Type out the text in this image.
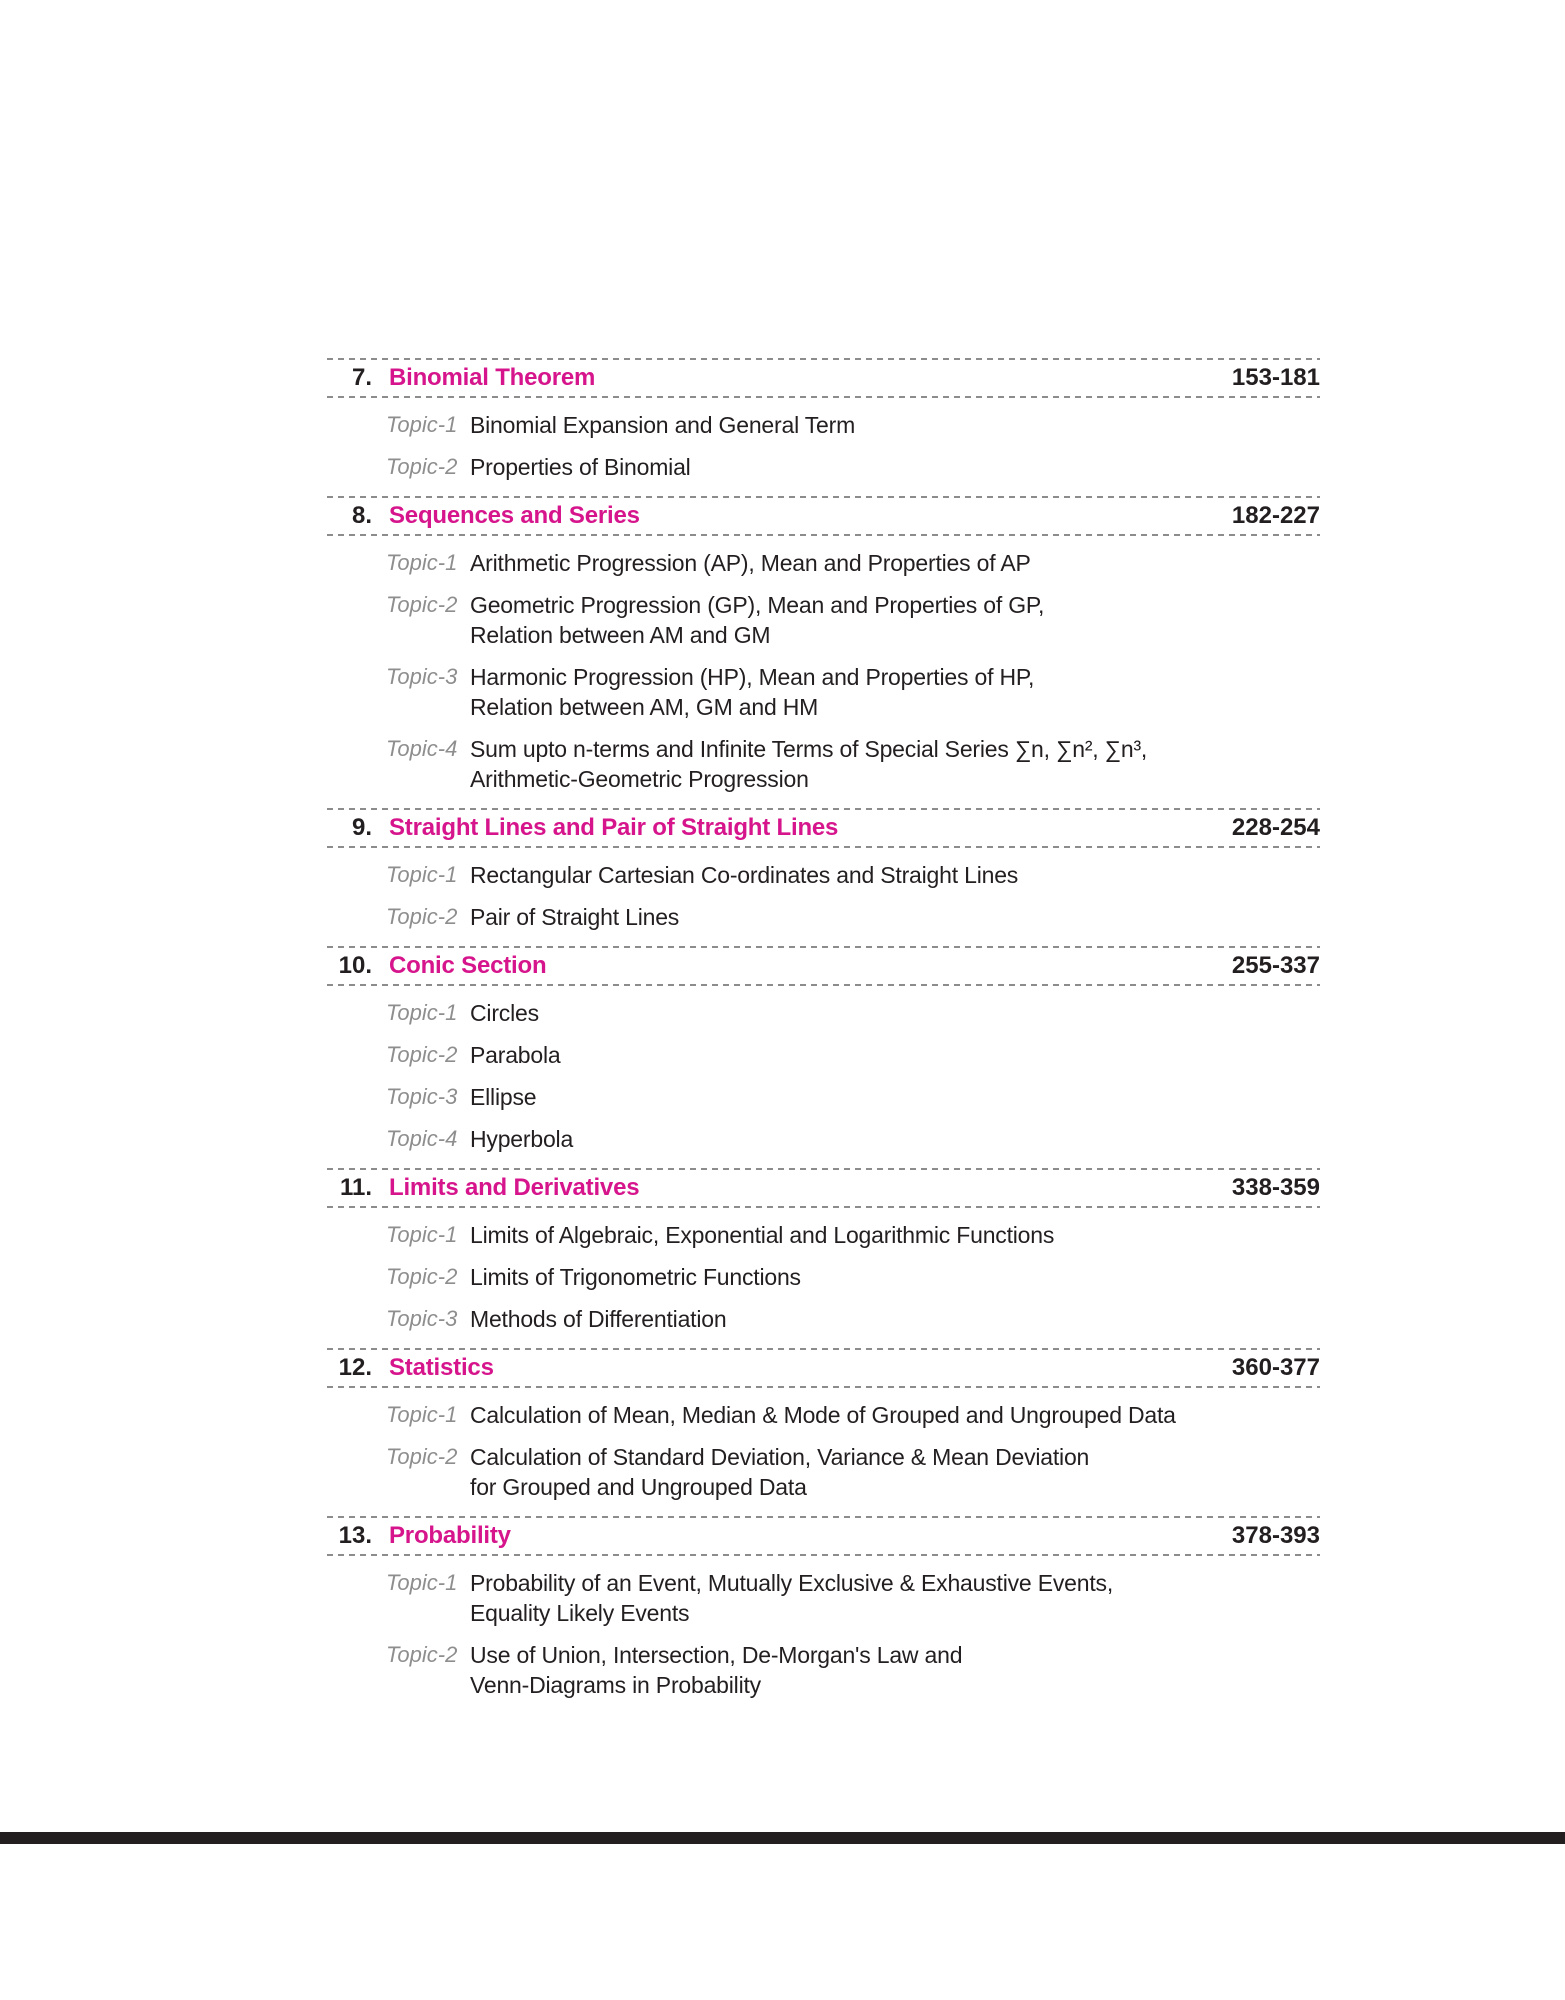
7. Binomial Theorem	153-181
Topic-1 Binomial Expansion and General Term
Topic-2 Properties of Binomial
8. Sequences and Series	182-227
Topic-1 Arithmetic Progression (AP), Mean and Properties of AP
Topic-2 Geometric Progression (GP), Mean and Properties of GP,
Relation between AM and GM
Topic-3 Harmonic Progression (HP), Mean and Properties of HP,
Relation between AM, GM and HM
Topic-4 Sum upto n-terms and Infinite Terms of Special Series ∑n, ∑n², ∑n³,
Arithmetic-Geometric Progression
9. Straight Lines and Pair of Straight Lines	228-254
Topic-1 Rectangular Cartesian Co-ordinates and Straight Lines
Topic-2 Pair of Straight Lines
10. Conic Section	255-337
Topic-1 Circles
Topic-2 Parabola
Topic-3 Ellipse
Topic-4 Hyperbola
11. Limits and Derivatives	338-359
Topic-1 Limits of Algebraic, Exponential and Logarithmic Functions
Topic-2 Limits of Trigonometric Functions
Topic-3 Methods of Differentiation
12. Statistics	360-377
Topic-1 Calculation of Mean, Median & Mode of Grouped and Ungrouped Data
Topic-2 Calculation of Standard Deviation, Variance & Mean Deviation
for Grouped and Ungrouped Data
13. Probability	378-393
Topic-1 Probability of an Event, Mutually Exclusive & Exhaustive Events,
Equality Likely Events
Topic-2 Use of Union, Intersection, De-Morgan's Law and
Venn-Diagrams in Probability
